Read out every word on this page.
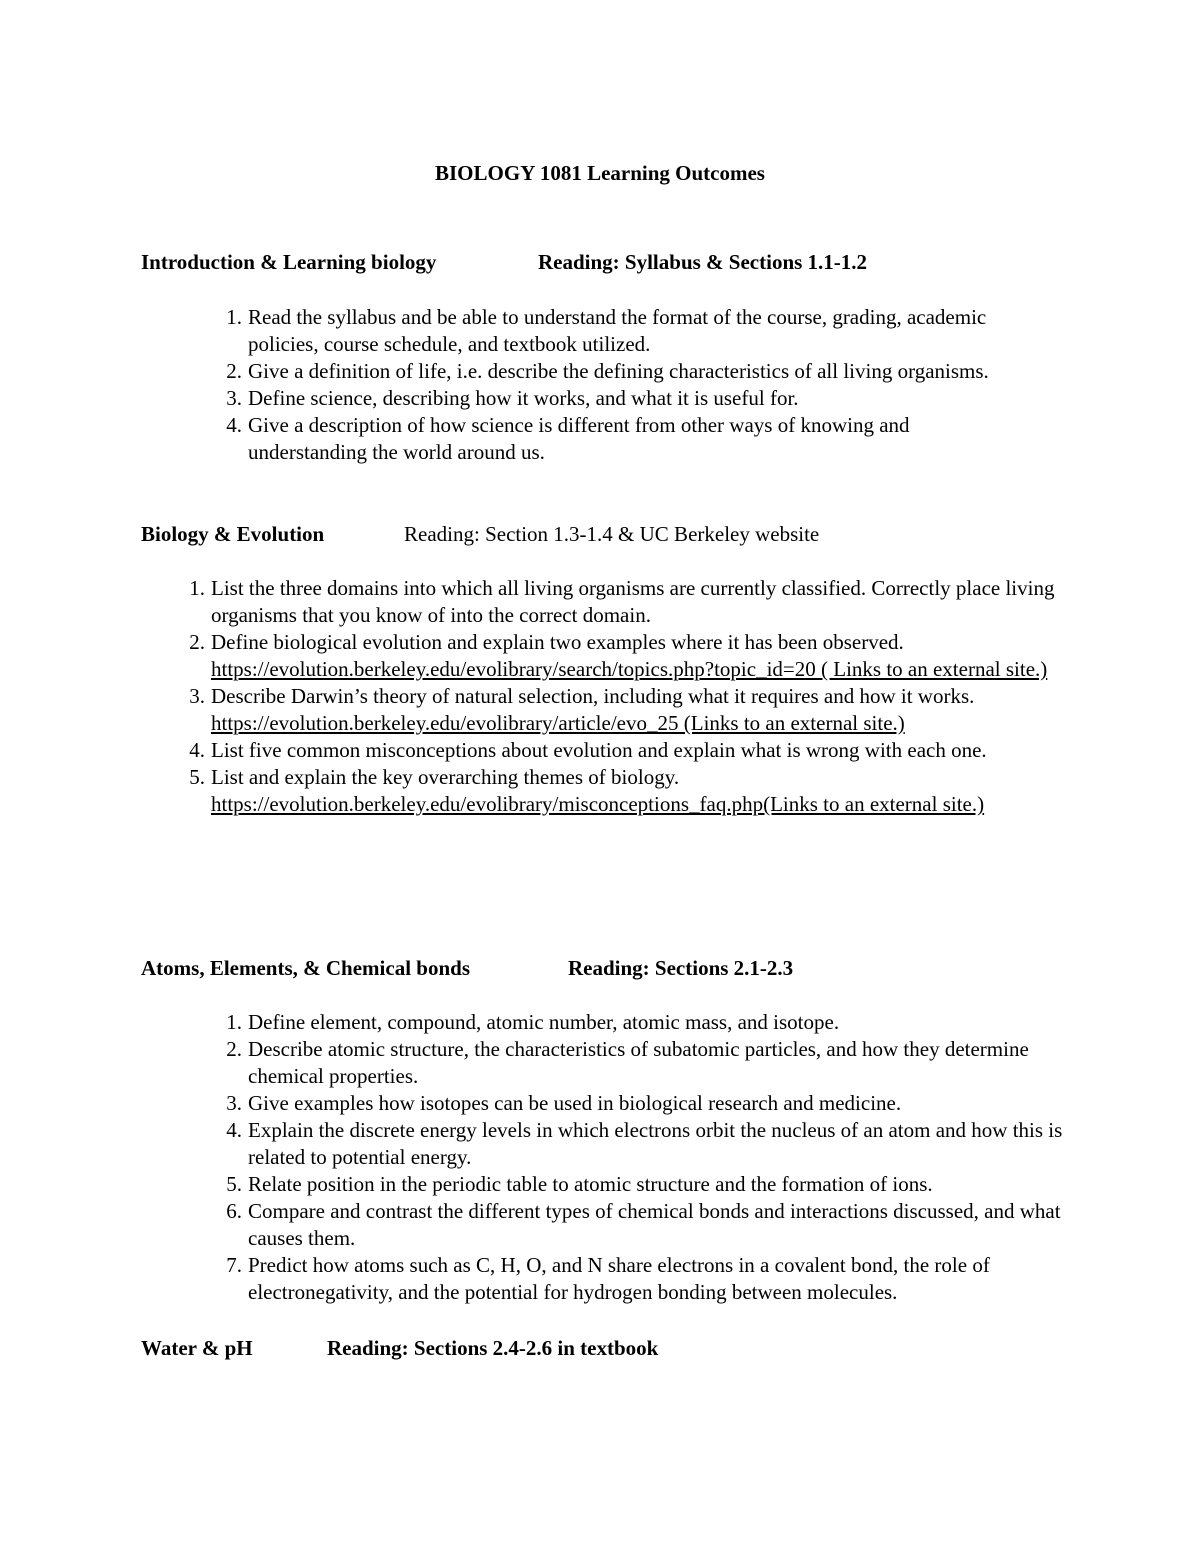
BIOLOGY 1081 Learning Outcomes
Introduction & Learning biology	Reading: Syllabus & Sections 1.1-1.2
1. Read the syllabus and be able to understand the format of the course, grading, academic policies, course schedule, and textbook utilized.
2. Give a definition of life, i.e. describe the defining characteristics of all living organisms.
3. Define science, describing how it works, and what it is useful for.
4. Give a description of how science is different from other ways of knowing and understanding the world around us.
Biology & Evolution	Reading: Section 1.3-1.4 & UC Berkeley website
1. List the three domains into which all living organisms are currently classified. Correctly place living organisms that you know of into the correct domain.
2. Define biological evolution and explain two examples where it has been observed. https://evolution.berkeley.edu/evolibrary/search/topics.php?topic_id=20 ( Links to an external site.)
3. Describe Darwin’s theory of natural selection, including what it requires and how it works. https://evolution.berkeley.edu/evolibrary/article/evo_25 (Links to an external site.)
4. List five common misconceptions about evolution and explain what is wrong with each one.
5. List and explain the key overarching themes of biology. https://evolution.berkeley.edu/evolibrary/misconceptions_faq.php(Links to an external site.)
Atoms, Elements, & Chemical bonds	Reading: Sections 2.1-2.3
1. Define element, compound, atomic number, atomic mass, and isotope.
2. Describe atomic structure, the characteristics of subatomic particles, and how they determine chemical properties.
3. Give examples how isotopes can be used in biological research and medicine.
4. Explain the discrete energy levels in which electrons orbit the nucleus of an atom and how this is related to potential energy.
5. Relate position in the periodic table to atomic structure and the formation of ions.
6. Compare and contrast the different types of chemical bonds and interactions discussed, and what causes them.
7. Predict how atoms such as C, H, O, and N share electrons in a covalent bond, the role of electronegativity, and the potential for hydrogen bonding between molecules.
Water & pH	Reading: Sections 2.4-2.6 in textbook
